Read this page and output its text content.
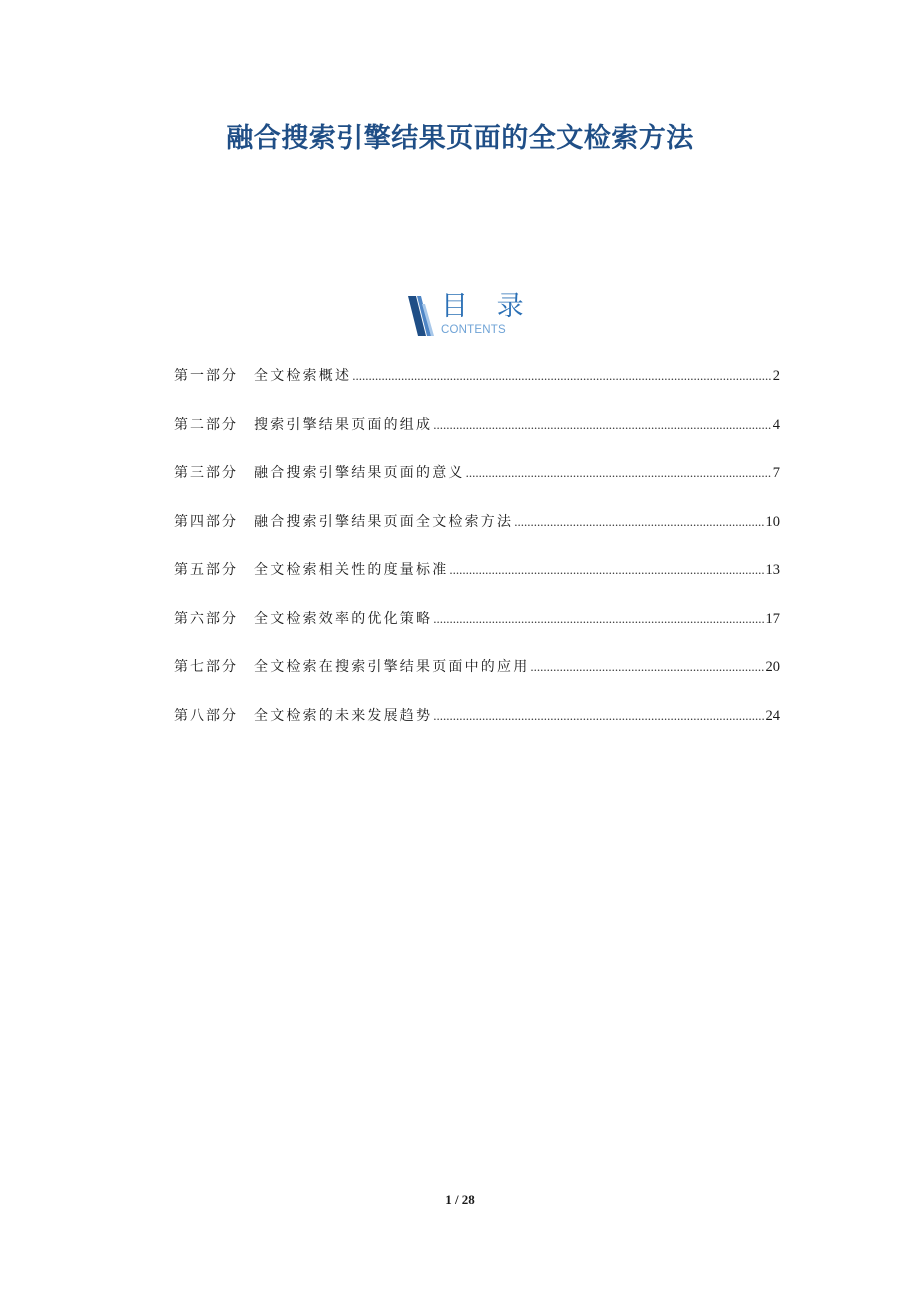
融合搜索引擎结果页面的全文检索方法
目 录
CONTENTS
第一部分	全文检索概述 .....	2
第二部分	搜索引擎结果页面的组成 .....	4
第三部分	融合搜索引擎结果页面的意义 .....	7
第四部分	融合搜索引擎结果页面全文检索方法 .....	10
第五部分	全文检索相关性的度量标准 .....	13
第六部分	全文检索效率的优化策略 .....	17
第七部分	全文检索在搜索引擎结果页面中的应用 .....	20
第八部分	全文检索的未来发展趋势 .....	24
1 / 28
